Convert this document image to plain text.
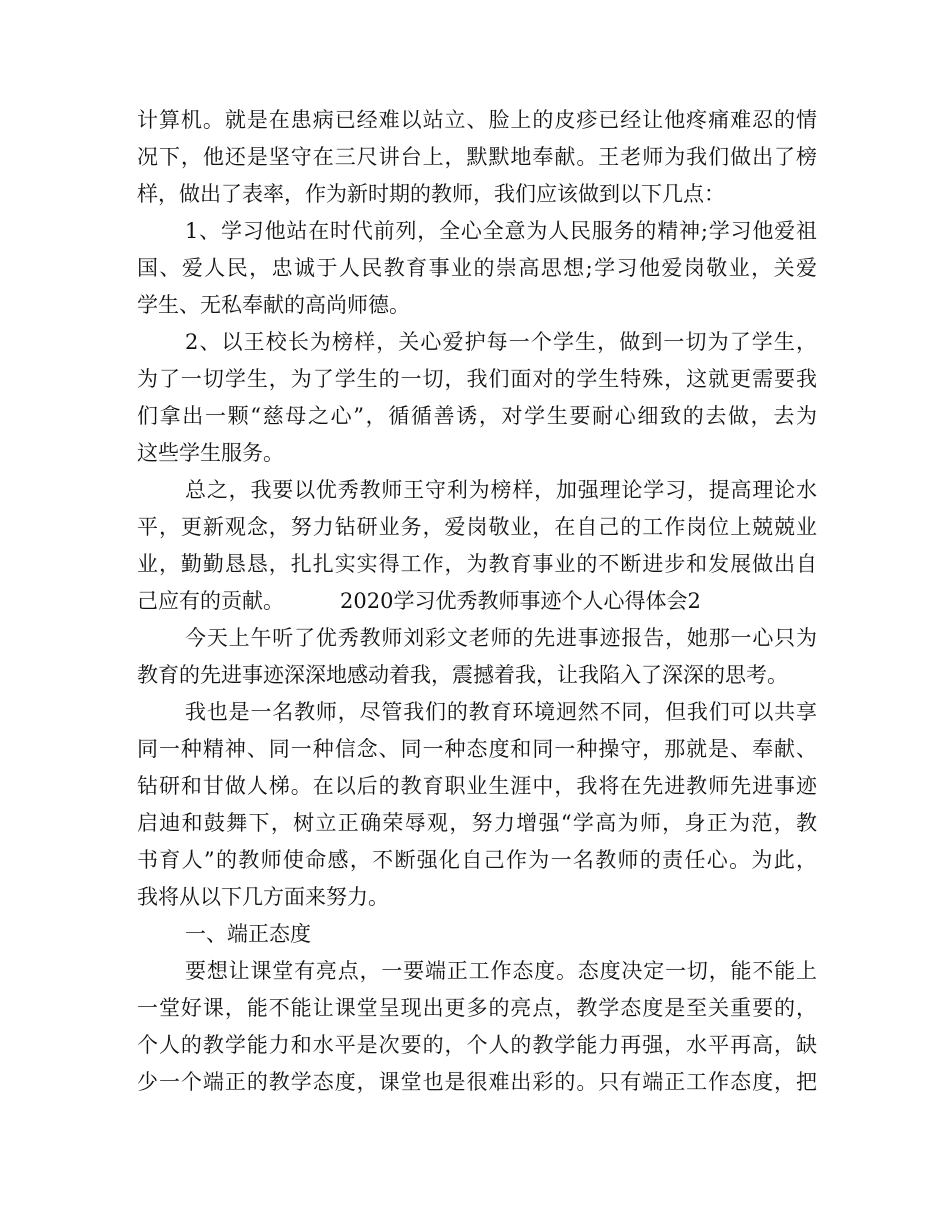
计算机。就是在患病已经难以站立、脸上的皮疹已经让他疼痛难忍的情
况下，他还是坚守在三尺讲台上，默默地奉献。王老师为我们做出了榜
样，做出了表率，作为新时期的教师，我们应该做到以下几点：
1、学习他站在时代前列，全心全意为人民服务的精神;学习他爱祖
国、爱人民，忠诚于人民教育事业的崇高思想;学习他爱岗敬业，关爱
学生、无私奉献的高尚师德。
2、以王校长为榜样，关心爱护每一个学生，做到一切为了学生，
为了一切学生，为了学生的一切，我们面对的学生特殊，这就更需要我
们拿出一颗“慈母之心”，循循善诱，对学生要耐心细致的去做，去为
这些学生服务。
总之，我要以优秀教师王守利为榜样，加强理论学习，提高理论水
平，更新观念，努力钻研业务，爱岗敬业，在自己的工作岗位上兢兢业
业，勤勤恳恳，扎扎实实得工作，为教育事业的不断进步和发展做出自
己应有的贡献。	2020学习优秀教师事迹个人心得体会2
今天上午听了优秀教师刘彩文老师的先进事迹报告，她那一心只为
教育的先进事迹深深地感动着我，震撼着我，让我陷入了深深的思考。
我也是一名教师，尽管我们的教育环境迥然不同，但我们可以共享
同一种精神、同一种信念、同一种态度和同一种操守，那就是、奉献、
钻研和甘做人梯。在以后的教育职业生涯中，我将在先进教师先进事迹
启迪和鼓舞下，树立正确荣辱观，努力增强“学高为师，身正为范，教
书育人”的教师使命感，不断强化自己作为一名教师的责任心。为此，
我将从以下几方面来努力。
一、端正态度
要想让课堂有亮点，一要端正工作态度。态度决定一切，能不能上
一堂好课，能不能让课堂呈现出更多的亮点，教学态度是至关重要的，
个人的教学能力和水平是次要的，个人的教学能力再强，水平再高，缺
少一个端正的教学态度，课堂也是很难出彩的。只有端正工作态度，把
